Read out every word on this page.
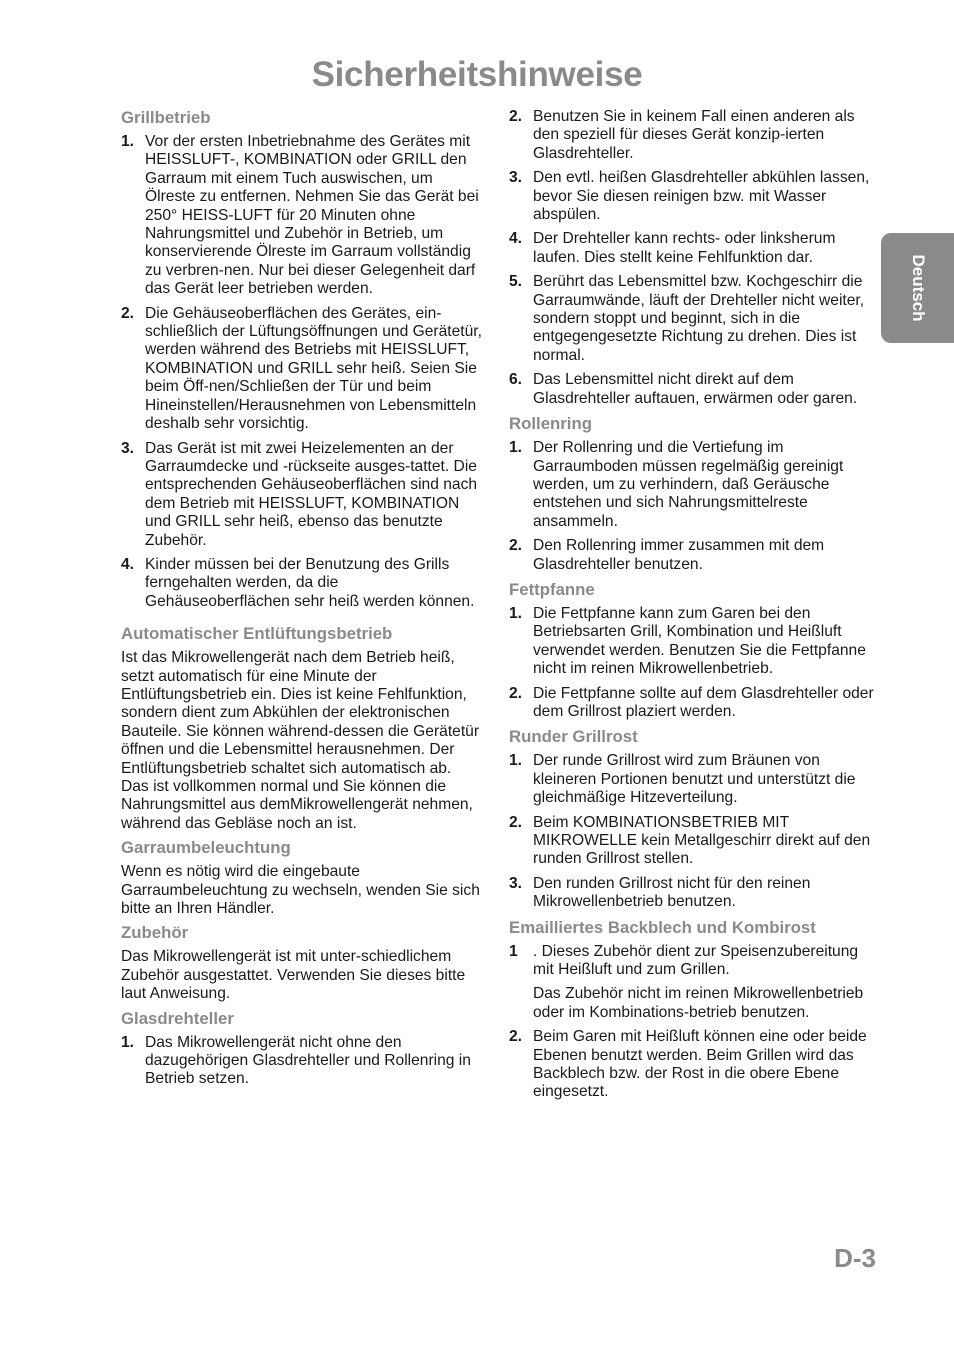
Sicherheitshinweise
Deutsch
Grillbetrieb
1. Vor der ersten Inbetriebnahme des Gerätes mit HEISSLUFT-, KOMBINATION oder GRILL den Garraum mit einem Tuch auswischen, um Ölreste zu entfernen. Nehmen Sie das Gerät bei 250° HEISS-LUFT für 20 Minuten ohne Nahrungsmittel und Zubehör in Betrieb, um konservierende Ölreste im Garraum vollständig zu verbren-nen. Nur bei dieser Gelegenheit darf das Gerät leer betrieben werden.
2. Die Gehäuseoberflächen des Gerätes, ein-schließlich der Lüftungsöffnungen und Gerätetür, werden während des Betriebs mit HEISSLUFT, KOMBINATION und GRILL sehr heiß. Seien Sie beim Öff-nen/Schließen der Tür und beim Hineinstellen/Herausnehmen von Lebensmitteln deshalb sehr vorsichtig.
3. Das Gerät ist mit zwei Heizelementen an der Garraumdecke und -rückseite ausges-tattet. Die entsprechenden Gehäuseoberflächen sind nach dem Betrieb mit HEISSLUFT, KOMBINATION und GRILL sehr heiß, ebenso das benutzte Zubehör.
4. Kinder müssen bei der Benutzung des Grills ferngehalten werden, da die Gehäuseoberflächen sehr heiß werden können.
Automatischer Entlüftungsbetrieb

Ist das Mikrowellengerät nach dem Betrieb heiß, setzt automatisch für eine Minute der Entlüftungsbetrieb ein. Dies ist keine Fehlfunktion, sondern dient zum Abkühlen der elektronischen Bauteile. Sie können während-dessen die Gerätetür öffnen und die Lebensmittel herausnehmen. Der Entlüftungsbetrieb schaltet sich automatisch ab. Das ist vollkommen normal und Sie können die Nahrungsmittel aus demMikrowellengerät nehmen, während das Gebläse noch an ist.

Garraumbeleuchtung

Wenn es nötig wird die eingebaute Garraumbeleuchtung zu wechseln, wenden Sie sich bitte an Ihren Händler.

Zubehör

Das Mikrowellengerät ist mit unter-schiedlichem Zubehör ausgestattet. Verwenden Sie dieses bitte laut Anweisung.

Glasdrehteller
1. Das Mikrowellengerät nicht ohne den dazugehörigen Glasdrehteller und Rollenring in Betrieb setzen.
2. Benutzen Sie in keinem Fall einen anderen als den speziell für dieses Gerät konzip-ierten Glasdrehteller.
3. Den evtl. heißen Glasdrehteller abkühlen lassen, bevor Sie diesen reinigen bzw. mit Wasser abspülen.
4. Der Drehteller kann rechts- oder linksherum laufen. Dies stellt keine Fehlfunktion dar.
5. Berührt das Lebensmittel bzw. Kochgeschirr die Garraumwände, läuft der Drehteller nicht weiter, sondern stoppt und beginnt, sich in die entgegengesetzte Richtung zu drehen. Dies ist normal.
6. Das Lebensmittel nicht direkt auf dem Glasdrehteller auftauen, erwärmen oder garen.
Rollenring
1. Der Rollenring und die Vertiefung im Garraumboden müssen regelmäßig gereinigt werden, um zu verhindern, daß Geräusche entstehen und sich Nahrungsmittelreste ansammeln.
2. Den Rollenring immer zusammen mit dem Glasdrehteller benutzen.
Fettpfanne
1. Die Fettpfanne kann zum Garen bei den Betriebsarten Grill, Kombination und Heißluft verwendet werden. Benutzen Sie die Fettpfanne nicht im reinen Mikrowellenbetrieb.
2. Die Fettpfanne sollte auf dem Glasdrehteller oder dem Grillrost plaziert werden.
Runder Grillrost
1. Der runde Grillrost wird zum Bräunen von kleineren Portionen benutzt und unterstützt die gleichmäßige Hitzeverteilung.
2. Beim KOMBINATIONSBETRIEB MIT MIKROWELLE kein Metallgeschirr direkt auf den runden Grillrost stellen.
3. Den runden Grillrost nicht für den reinen Mikrowellenbetrieb benutzen.
Emailliertes Backblech und Kombirost
1 . Dieses Zubehör dient zur Speisenzubereitung mit Heißluft und zum Grillen.
Das Zubehör nicht im reinen Mikrowellenbetrieb oder im Kombinations-betrieb benutzen.
2. Beim Garen mit Heißluft können eine oder beide Ebenen benutzt werden. Beim Grillen wird das Backblech bzw. der Rost in die obere Ebene eingesetzt.
D-3
